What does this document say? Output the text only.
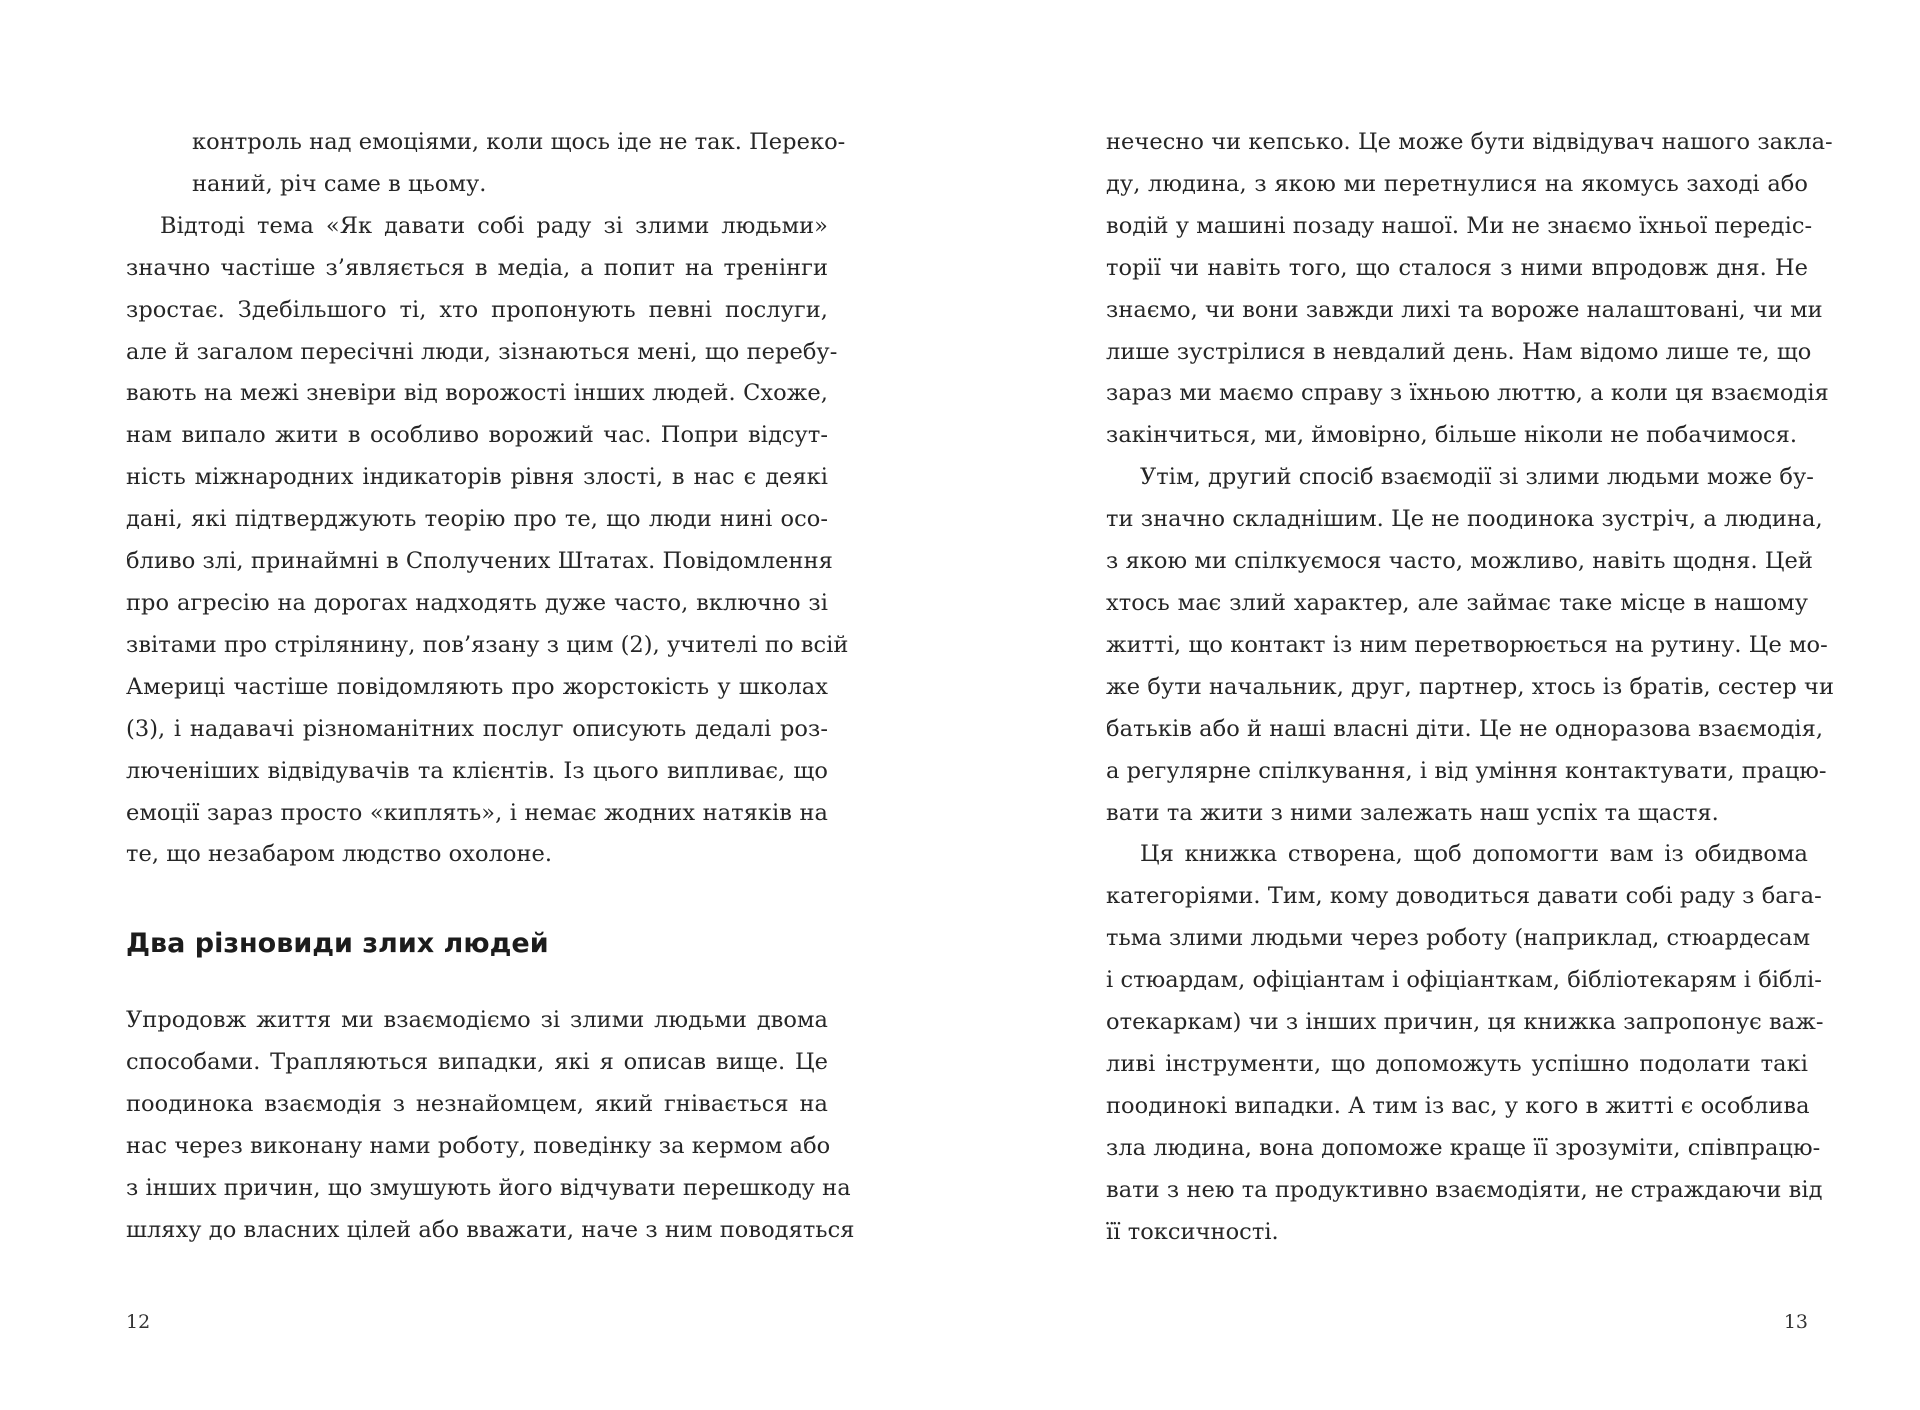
контроль над емоціями, коли щось іде не так. Переко-
наний, річ саме в цьому.
Відтоді тема «Як давати собі раду зі злими людьми»
значно частіше з’являється в медіа, а попит на тренінги
зростає. Здебільшого ті, хто пропонують певні послуги,
але й загалом пересічні люди, зізнаються мені, що перебу-
вають на межі зневіри від ворожості інших людей. Схоже,
нам випало жити в особливо ворожий час. Попри відсут-
ність міжнародних індикаторів рівня злості, в нас є деякі
дані, які підтверджують теорію про те, що люди нині осо-
бливо злі, принаймні в Сполучених Штатах. Повідомлення
про агресію на дорогах надходять дуже часто, включно зі
звітами про стрілянину, пов’язану з цим (2), учителі по всій
Америці частіше повідомляють про жорстокість у школах
(3), і надавачі різноманітних послуг описують дедалі роз-
люченіших відвідувачів та клієнтів. Із цього випливає, що
емоції зараз просто «киплять», і немає жодних натяків на
те, що незабаром людство охолоне.
Два різновиди злих людей
Упродовж життя ми взаємодіємо зі злими людьми двома
способами. Трапляються випадки, які я описав вище. Це
поодинока взаємодія з незнайомцем, який гнівається на
нас через виконану нами роботу, поведінку за кермом або
з інших причин, що змушують його відчувати перешкоду на
шляху до власних цілей або вважати, наче з ним поводяться
12
нечесно чи кепсько. Це може бути відвідувач нашого закла-
ду, людина, з якою ми перетнулися на якомусь заході або
водій у машині позаду нашої. Ми не знаємо їхньої передіс-
торії чи навіть того, що сталося з ними впродовж дня. Не
знаємо, чи вони завжди лихі та вороже налаштовані, чи ми
лише зустрілися в невдалий день. Нам відомо лише те, що
зараз ми маємо справу з їхньою люттю, а коли ця взаємодія
закінчиться, ми, ймовірно, більше ніколи не побачимося.
Утім, другий спосіб взаємодії зі злими людьми може бу-
ти значно складнішим. Це не поодинока зустріч, а людина,
з якою ми спілкуємося часто, можливо, навіть щодня. Цей
хтось має злий характер, але займає таке місце в нашому
житті, що контакт із ним перетворюється на рутину. Це мо-
же бути начальник, друг, партнер, хтось із братів, сестер чи
батьків або й наші власні діти. Це не одноразова взаємодія,
а регулярне спілкування, і від уміння контактувати, працю-
вати та жити з ними залежать наш успіх та щастя.
Ця книжка створена, щоб допомогти вам із обидвома
категоріями. Тим, кому доводиться давати собі раду з бага-
тьма злими людьми через роботу (наприклад, стюардесам
і стюардам, офіціантам і офіціанткам, бібліотекарям і біблі-
отекаркам) чи з інших причин, ця книжка запропонує важ-
ливі інструменти, що допоможуть успішно подолати такі
поодинокі випадки. А тим із вас, у кого в житті є особлива
зла людина, вона допоможе краще її зрозуміти, співпрацю-
вати з нею та продуктивно взаємодіяти, не страждаючи від
її токсичності.
13
